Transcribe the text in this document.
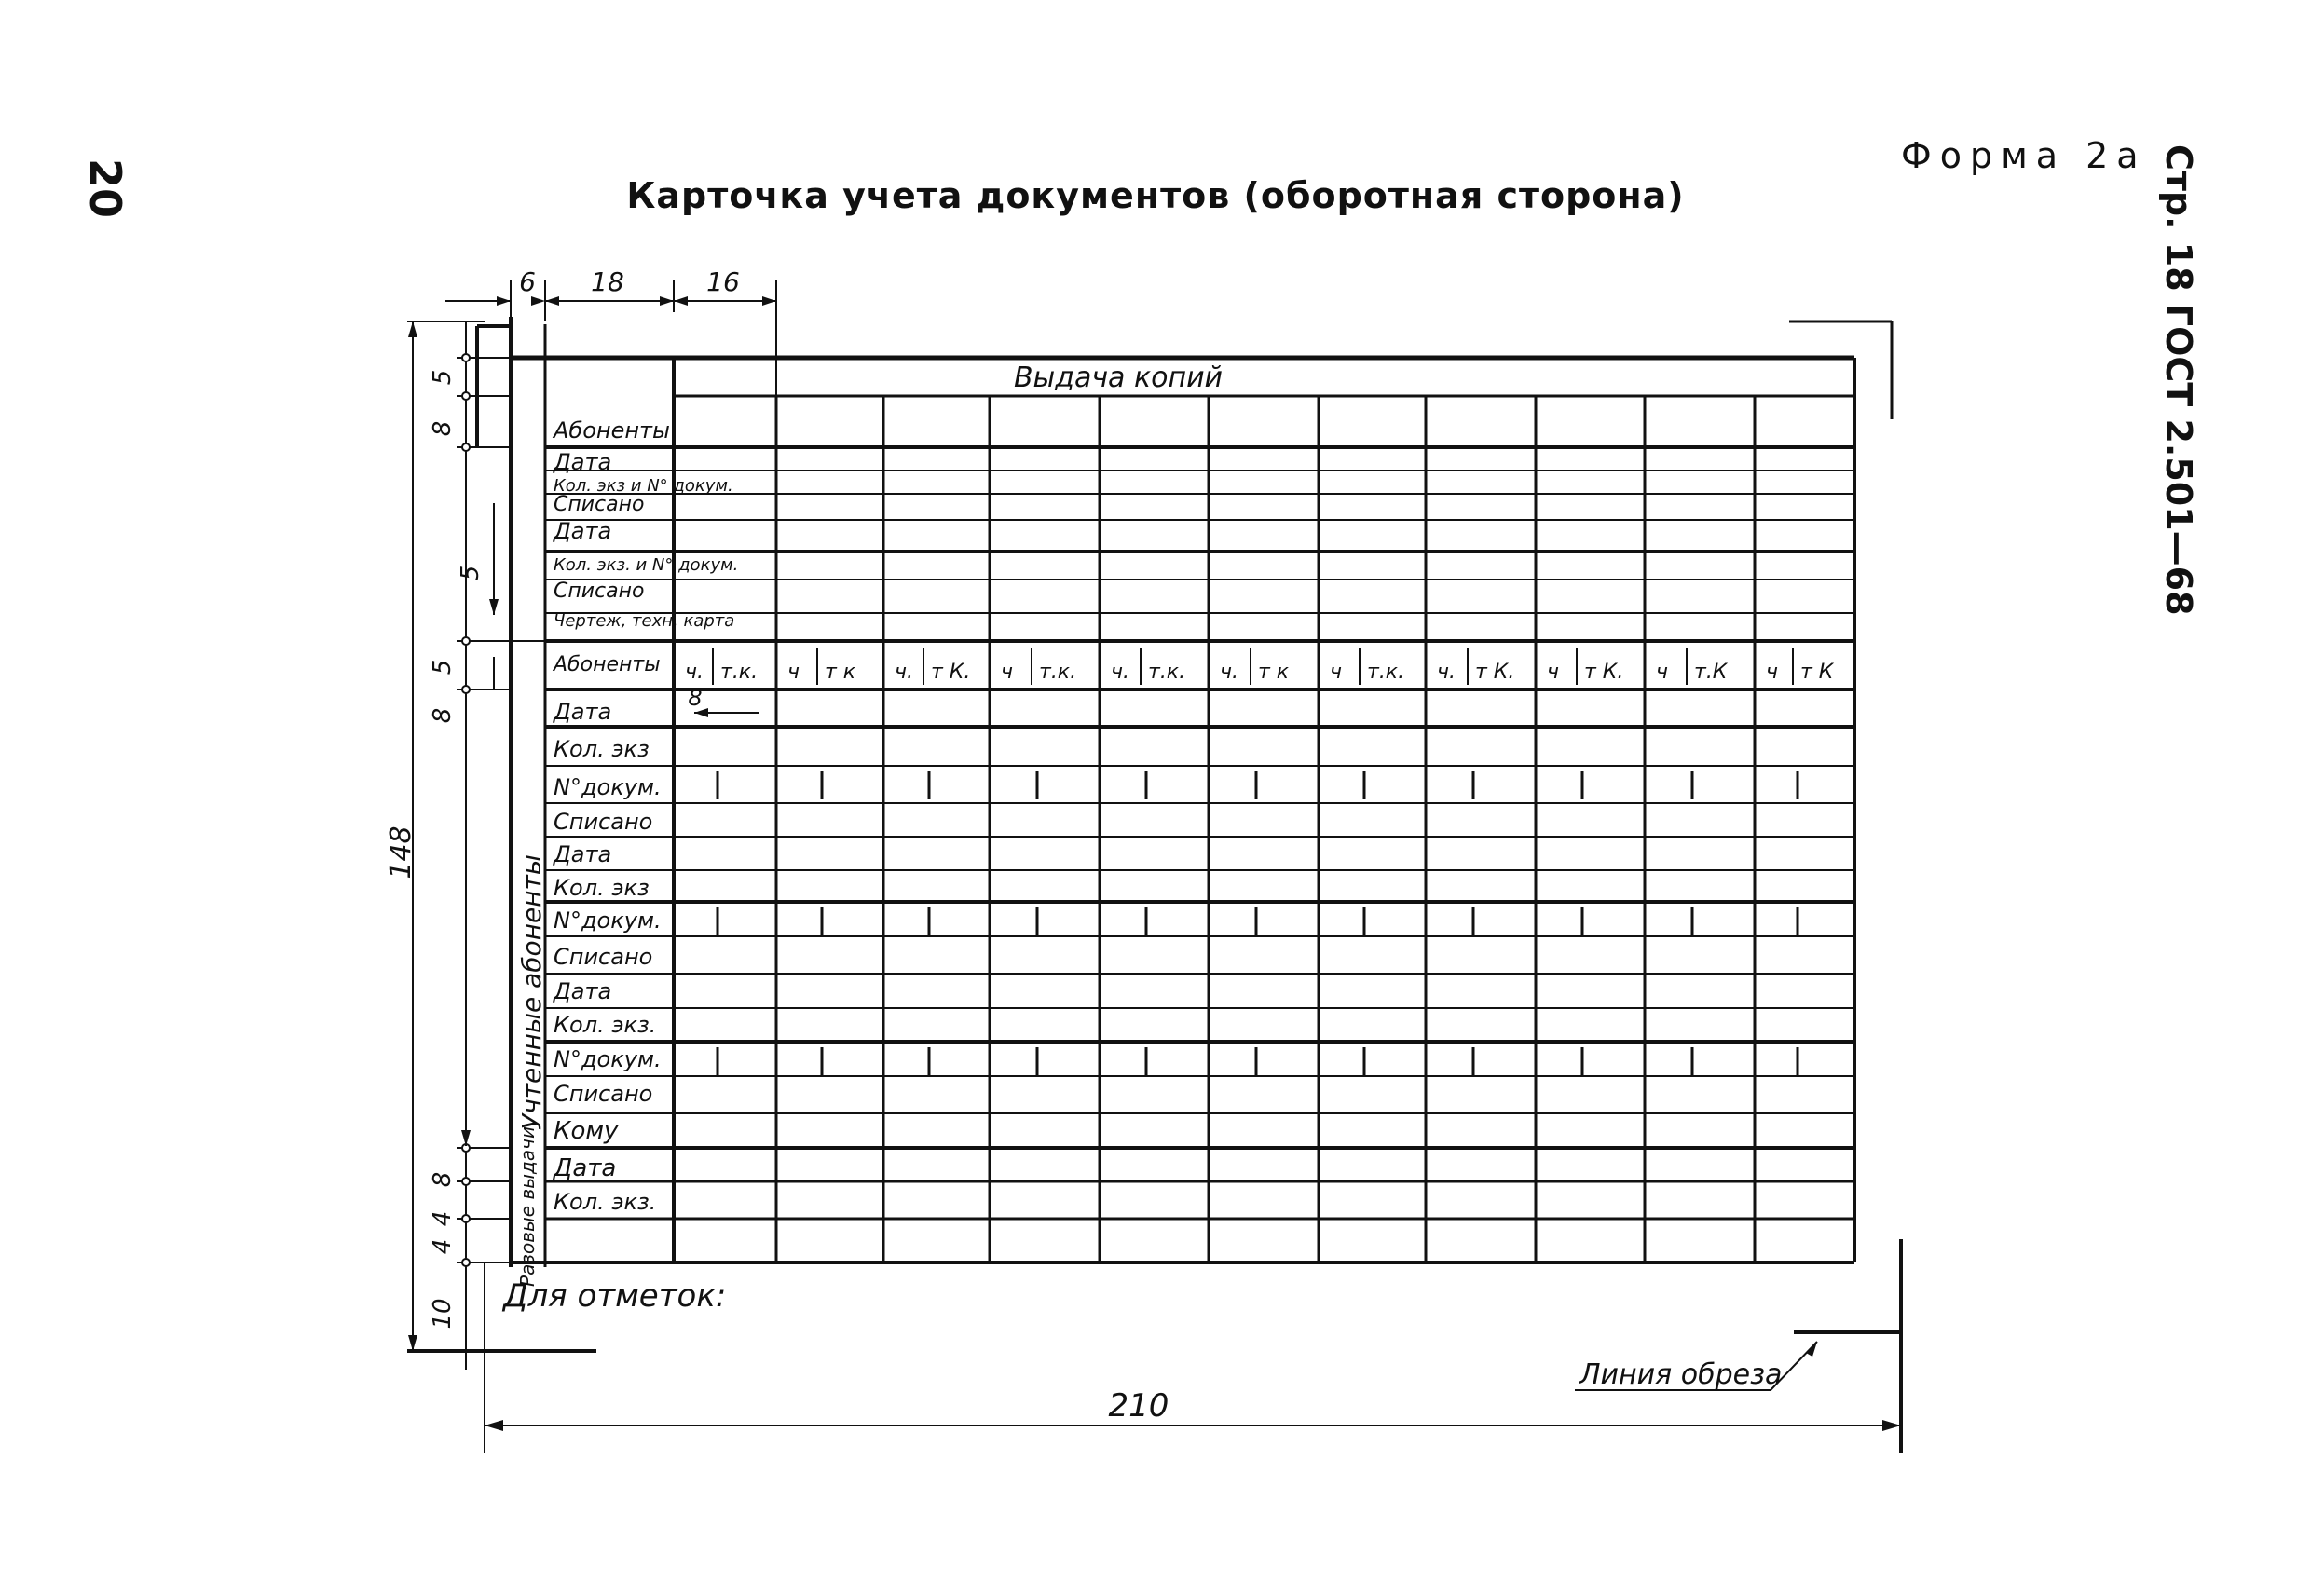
20	Карточка учета документов (оборотная сторона)
Форма 2а Стр. 18 ГОСТ 2.501—68
Абоненты
Дата
Кол. экз и N° докум.
Списано
Дата
Кол. экз. и N° докум.
Списано
Чертеж, техн. карта
Абоненты
Дата
Кол. экз
N°докум.
Списано
Дата
Кол. экз
N°докум.
Списано
Дата
Кол. экз.
N°докум.
Списано
Кому
Дата
Кол. экз.
ч. т.к. ч т к ч. т К. ч т.к. ч. т.к. ч. т к ч т.к. ч. т К. ч т К. ч т.К ч т К
Выдача копий
6 18	16
210
8
Для отметок:
Линия обреза
Учтенные абоненты
Разовые выдачи
5
8
5
5
8
148
8
4
4
10
